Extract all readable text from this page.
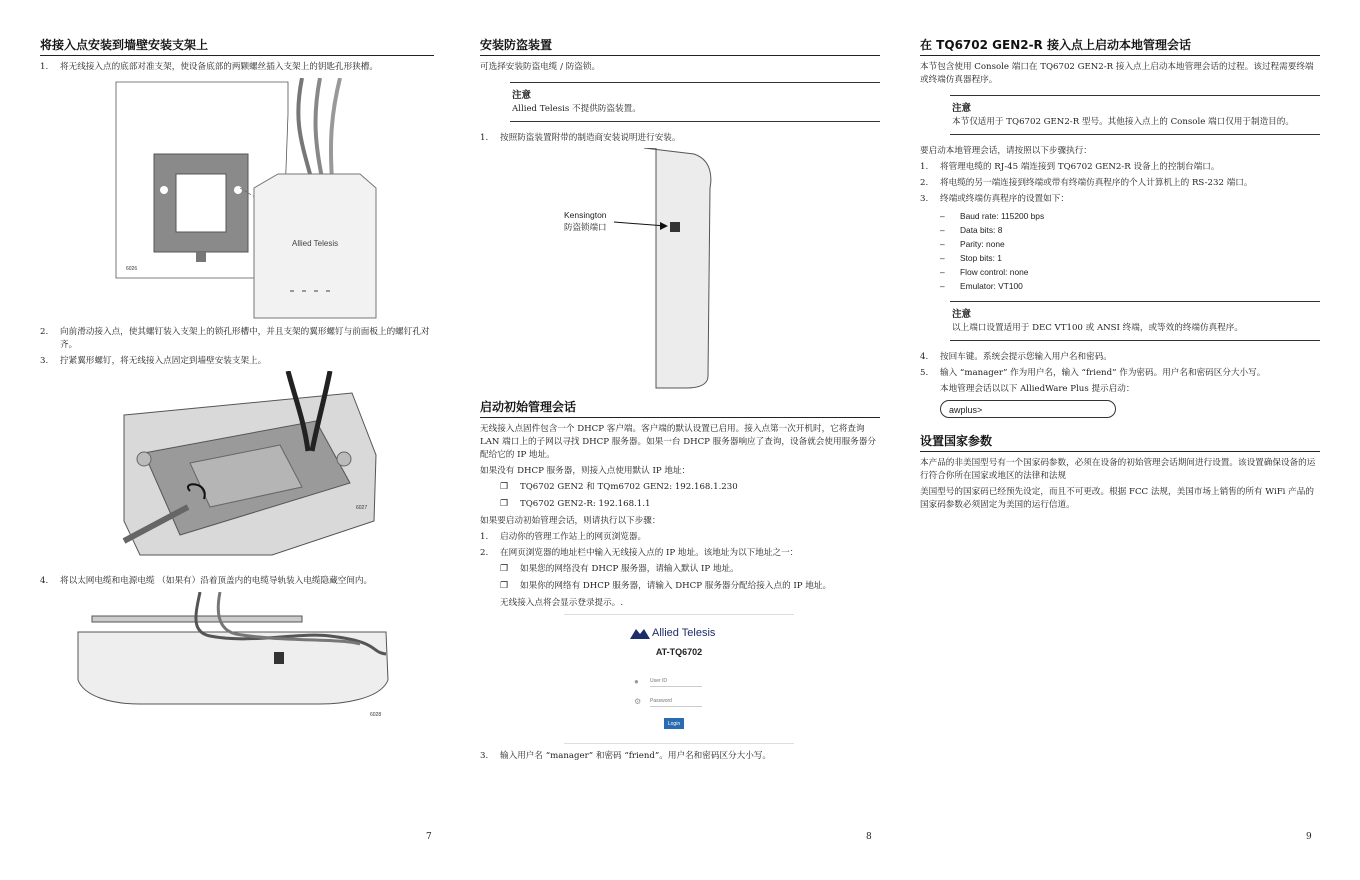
将接入点安装到墙壁安装支架上
1.	将无线接入点的底部对准支架，使设备底部的两颗螺丝插入支架上的钥匙孔形狭槽。
Allied Telesis
6026
2.	向前滑动接入点，使其螺钉装入支架上的锁孔形槽中，并且支架的翼形螺钉与前面板上的螺钉孔对齐。
3.	拧紧翼形螺钉，将无线接入点固定到墙壁安装支架上。
6027
4.	将以太网电缆和电源电缆 （如果有）沿着顶盖内的电缆导轨装入电缆隐藏空间内。
6028
7
安装防盗装置

可选择安装防盗电缆 / 防盗锁。

注意
Allied Telesis 不提供防盗装置。
1.	按照防盗装置附带的制造商安装说明进行安装。
Kensington
防盗锁端口
启动初始管理会话

无线接入点固件包含一个 DHCP 客户端。客户端的默认设置已启用。接入点第一次开机时，它将查询 LAN 端口上的子网以寻找 DHCP 服务器。如果一台 DHCP 服务器响应了查询，设备就会使用服务器分配给它的 IP 地址。

如果没有 DHCP 服务器，则接入点使用默认 IP 地址：

❐	TQ6702 GEN2 和 TQm6702 GEN2: 192.168.1.230
❐	TQ6702 GEN2-R: 192.168.1.1

如果要启动初始管理会话，则请执行以下步骤：

1.	启动你的管理工作站上的网页浏览器。
2.	在网页浏览器的地址栏中输入无线接入点的 IP 地址。该地址为以下地址之一：
❐	如果您的网络没有 DHCP 服务器，请输入默认 IP 地址。
❐	如果你的网络有 DHCP 服务器，请输入 DHCP 服务器分配给接入点的 IP 地址。

无线接入点将会显示登录提示。.

Allied Telesis
AT-TQ6702
●
User ID
⚙
Password
Login
3.	输入用户名 “manager” 和密码 “friend”。用户名和密码区分大小写。
8
在 TQ6702 GEN2-R 接入点上启动本地管理会话

本节包含使用 Console 端口在 TQ6702 GEN2-R 接入点上启动本地管理会话的过程。该过程需要终端或终端仿真器程序。

注意
本节仅适用于 TQ6702 GEN2-R 型号。其他接入点上的 Console 端口仅用于制造目的。

要启动本地管理会话，请按照以下步骤执行：

1.	将管理电缆的 RJ-45 端连接到 TQ6702 GEN2-R 设备上的控制台端口。
2.	将电缆的另一端连接到终端或带有终端仿真程序的个人计算机上的 RS-232 端口。
3.	终端或终端仿真程序的设置如下：
–	Baud rate: 115200 bps
–	Data bits: 8
–	Parity: none
–	Stop bits: 1
–	Flow control: none
–	Emulator: VT100
注意
以上端口设置适用于 DEC VT100 或 ANSI 终端，或等效的终端仿真程序。
4.	按回车键。系统会提示您输入用户名和密码。
5.	输入 “manager” 作为用户名，输入 “friend” 作为密码。用户名和密码区分大小写。

本地管理会话以以下 AlliedWare Plus 提示启动：

awplus>
设置国家参数

本产品的非美国型号有一个国家码参数，必须在设备的初始管理会话期间进行设置。该设置确保设备的运行符合你所在国家或地区的法律和法规

美国型号的国家码已经预先设定，而且不可更改。根据 FCC 法规，美国市场上销售的所有 WiFi 产品的国家码参数必须固定为美国的运行信道。

9
